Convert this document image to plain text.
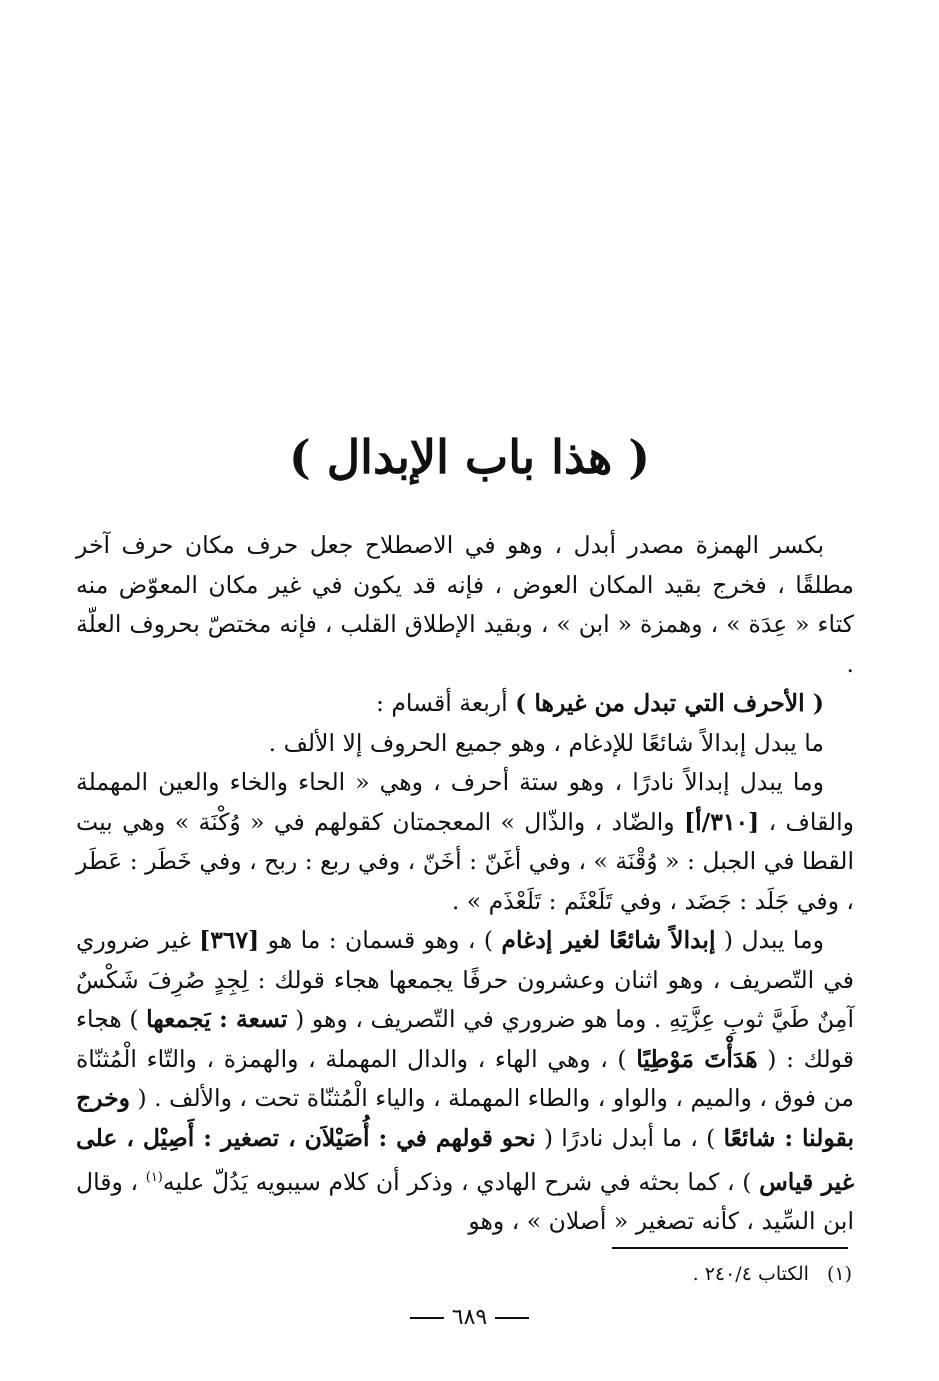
( هذا باب الإبدال )

بكسر الهمزة مصدر أبدل ، وهو في الاصطلاح جعل حرف مكان حرف آخر مطلقًا ، فخرج بقيد المكان العوض ، فإنه قد يكون في غير مكان المعوّض منه كتاء « عِدَة » ، وهمزة « ابن » ، وبقيد الإطلاق القلب ، فإنه مختصّ بحروف العلّة .

( الأحرف التي تبدل من غيرها ) أربعة أقسام :

ما يبدل إبدالاً شائعًا للإدغام ، وهو جميع الحروف إلا الألف .

وما يبدل إبدالاً نادرًا ، وهو ستة أحرف ، وهي « الحاء والخاء والعين المهملة والقاف ، [٣١٠/أ] والضّاد ، والذّال » المعجمتان كقولهم في « وُكْنَة » وهي بيت القطا في الجبل : « وُقْنَة » ، وفي أغَنّ : أخَنّ ، وفي ربع : ربح ، وفي خَطَر : عَطَر ، وفي جَلَد : جَضَد ، وفي تَلَعْثَم : تَلَعْذَم » .

وما يبدل ( إبدالاً شائعًا لغير إدغام ) ، وهو قسمان : ما هو [٣٦٧] غير ضروري في التّصريف ، وهو اثنان وعشرون حرفًا يجمعها هجاء قولك : لِجِدٍ صُرِفَ شَكْسٌ آمِنٌ طَيَّ ثوبِ عِزَّتِهِ . وما هو ضروري في التّصريف ، وهو ( تسعة : يَجمعها ) هجاء قولك : ( هَدَأْتَ مَوْطِيًا ) ، وهي الهاء ، والدال المهملة ، والهمزة ، والتّاء الْمُثنّاة من فوق ، والميم ، والواو ، والطاء المهملة ، والياء الْمُثنّاة تحت ، والألف . ( وخرج بقولنا : شائعًا ) ، ما أبدل نادرًا ( نحو قولهم في : أُصَيْلاَن ، تصغير : أَصِيْل ، على غير قياس ) ، كما بحثه في شرح الهادي ، وذكر أن كلام سيبويه يَدُلّ عليه$^{(١)}$ ، وقال ابن السِّيد ، كأنه تصغير « أصلان » ، وهو

(١)الكتاب ٢٤٠/٤ .
٦٨٩
